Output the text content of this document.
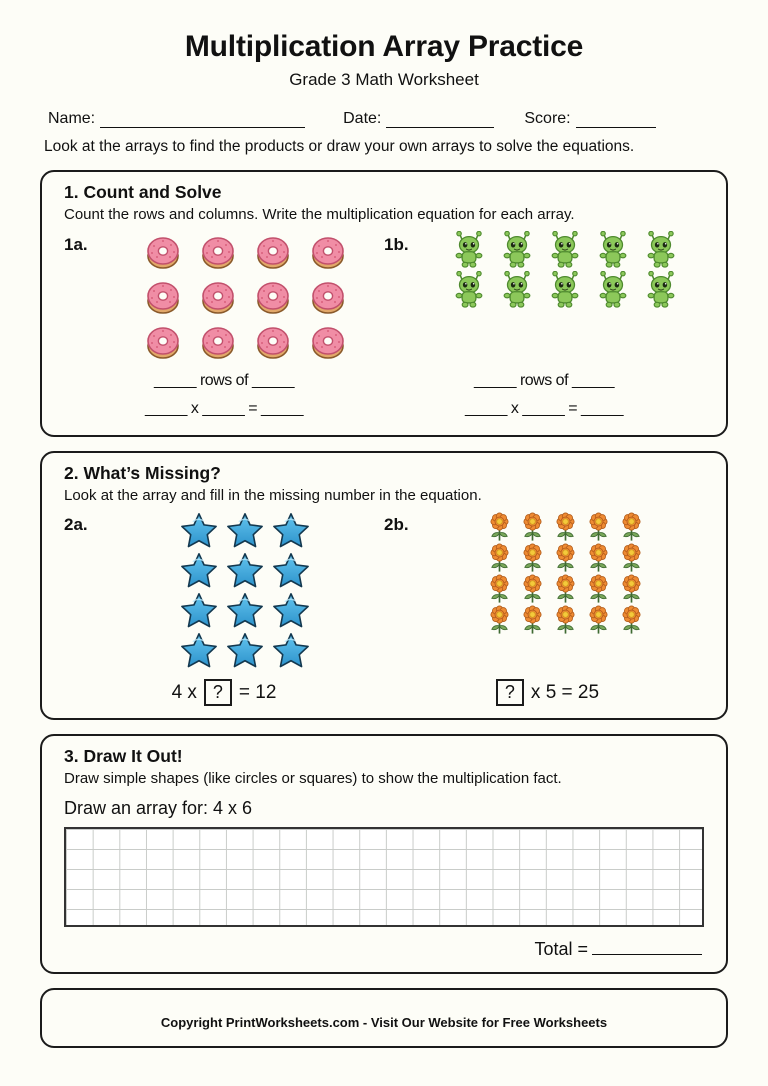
Multiplication Array Practice
Grade 3 Math Worksheet
Name:	Date:	Score:

Look at the arrays to find the products or draw your own arrays to solve the equations.

1. Count and Solve
Count the rows and columns. Write the multiplication equation for each array.
1a.	1b.
_____ rows of _____
_____ x _____ = _____
_____ rows of _____
_____ x _____ = _____
2. What’s Missing?
Look at the array and fill in the missing number in the equation.
2a.	2b.
4 x ? = 12	? x 5 = 25
3. Draw It Out!
Draw simple shapes (like circles or squares) to show the multiplication fact.
Draw an array for: 4 x 6
Total =
Copyright PrintWorksheets.com - Visit Our Website for Free Worksheets
